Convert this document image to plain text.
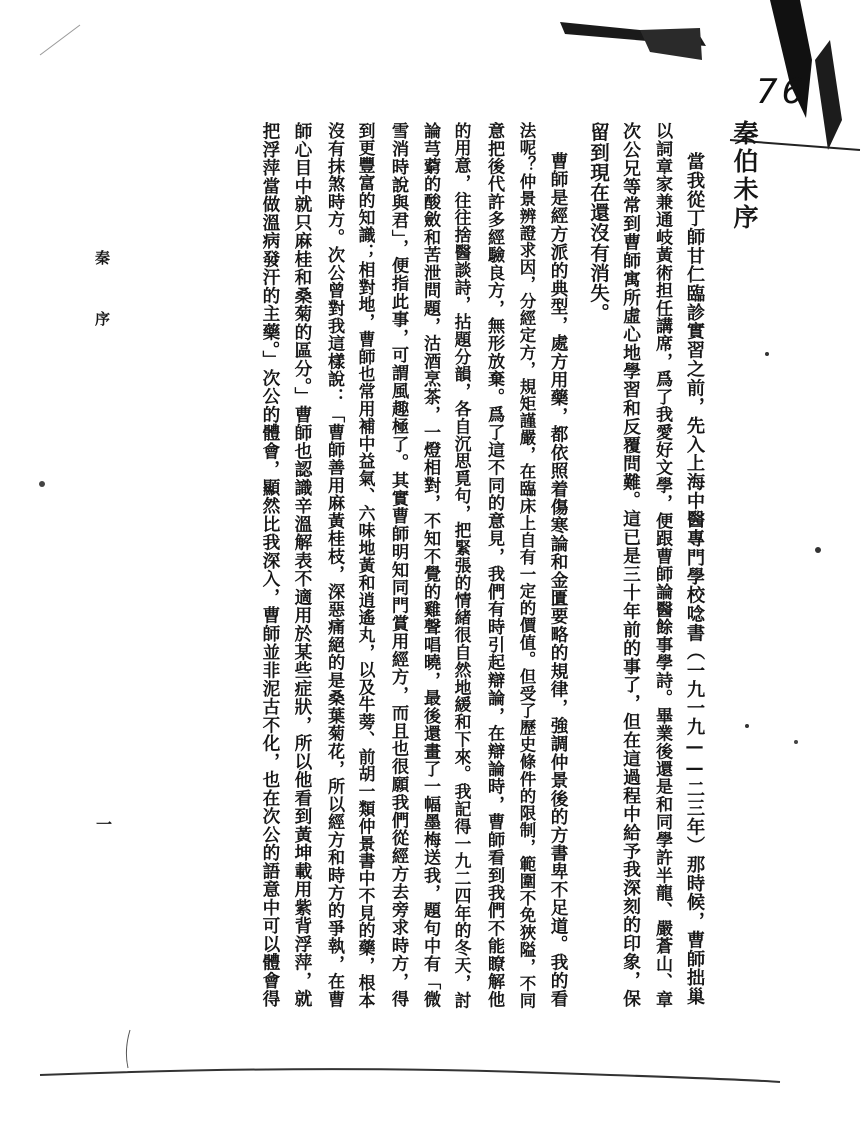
76
秦伯未序
當我從丁師甘仁臨診實習之前，先入上海中醫專門學校唸書（一九一九——二三年）那時候，曹師拙巢
以詞章家兼通岐黃術担任講席，爲了我愛好文學，便跟曹師論醫餘事學詩。畢業後還是和同學許半龍、嚴蒼山、章
次公兄等常到曹師寓所虛心地學習和反覆問難。這已是三十年前的事了，但在這過程中給予我深刻的印象，保
留到現在還沒有消失。
曹師是經方派的典型，處方用藥，都依照着傷寒論和金匱要略的規律，強調仲景後的方書卑不足道。我的看
法呢？仲景辨證求因，分經定方，規矩謹嚴，在臨床上自有一定的價值。但受了歷史條件的限制，範圍不免狹隘，不同
意把後代許多經驗良方，無形放棄。爲了這不同的意見，我們有時引起辯論，在辯論時，曹師看到我們不能瞭解他
的用意，往往捨醫談詩，拈題分韻，各自沉思覓句，把緊張的情緒很自然地緩和下來。我記得一九二四年的冬天，討
論芎藭的酸斂和苦泄問題，沽酒烹茶，一燈相對，不知不覺的雞聲唱曉，最後還畫了一幅墨梅送我，題句中有「微
雪消時說與君」，便指此事，可謂風趣極了。其實曹師明知同門賞用經方，而且也很願我們從經方去旁求時方，得
到更豐富的知識；相對地，曹師也常用補中益氣、六味地黃和逍遙丸，以及牛蒡、前胡一類仲景書中不見的藥，根本
沒有抹煞時方。次公曾對我這樣說：「曹師善用麻黃桂枝，深惡痛絕的是桑葉菊花，所以經方和時方的爭執，在曹
師心目中就只麻桂和桑菊的區分。」曹師也認識辛溫解表不適用於某些症狀，所以他看到黃坤載用紫背浮萍，就
把浮萍當做溫病發汗的主藥。」次公的體會，顯然比我深入，曹師並非泥古不化，也在次公的語意中可以體會得
秦 序
一
